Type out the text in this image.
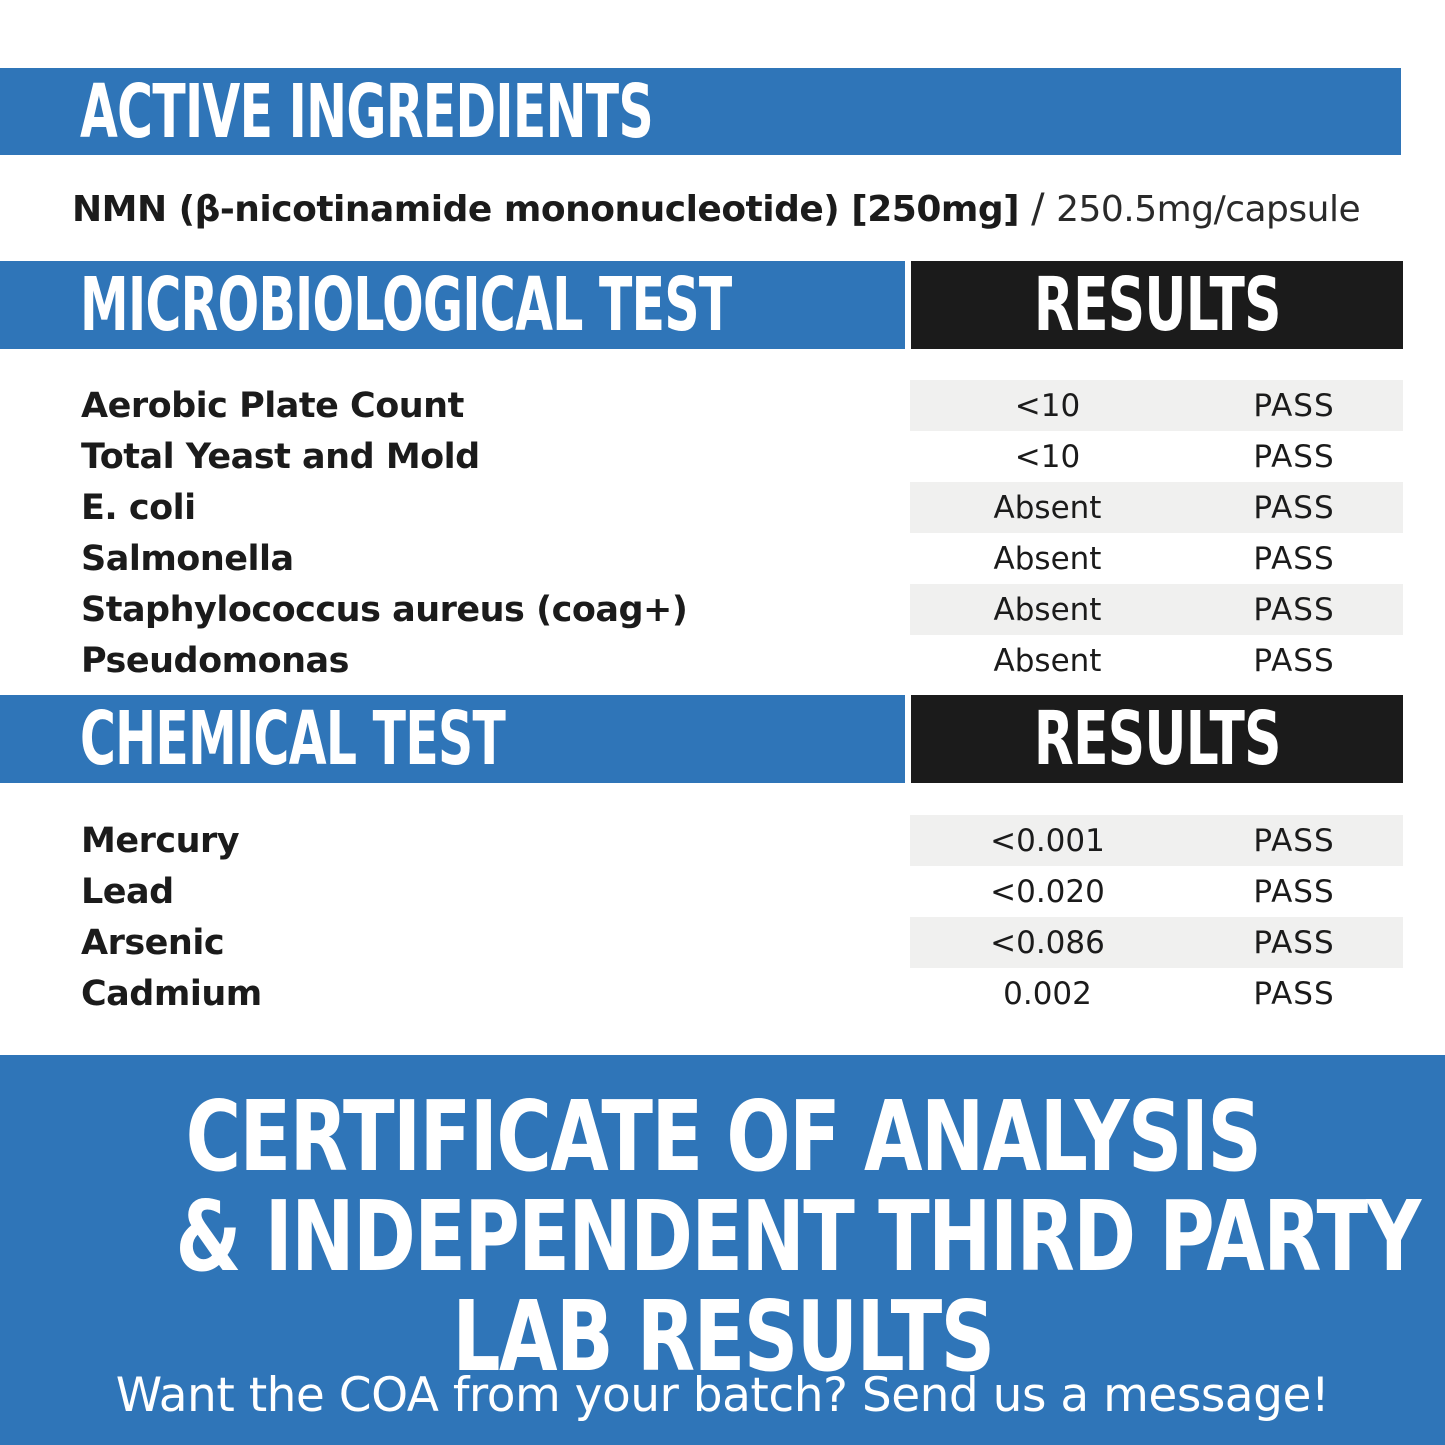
ACTIVE INGREDIENTS
NMN (β-nicotinamide mononucleotide) [250mg] / 250.5mg/capsule
MICROBIOLOGICAL TEST	RESULTS
Aerobic Plate Count	<10	PASS
Total Yeast and Mold	<10	PASS
E. coli	Absent	PASS
Salmonella	Absent	PASS
Staphylococcus aureus (coag+)	Absent	PASS
Pseudomonas	Absent	PASS
CHEMICAL TEST	RESULTS
Mercury	<0.001	PASS
Lead	<0.020	PASS
Arsenic	<0.086	PASS
Cadmium	0.002	PASS
CERTIFICATE OF ANALYSIS
& INDEPENDENT THIRD PARTY
LAB RESULTS
Want the COA from your batch? Send us a message!
